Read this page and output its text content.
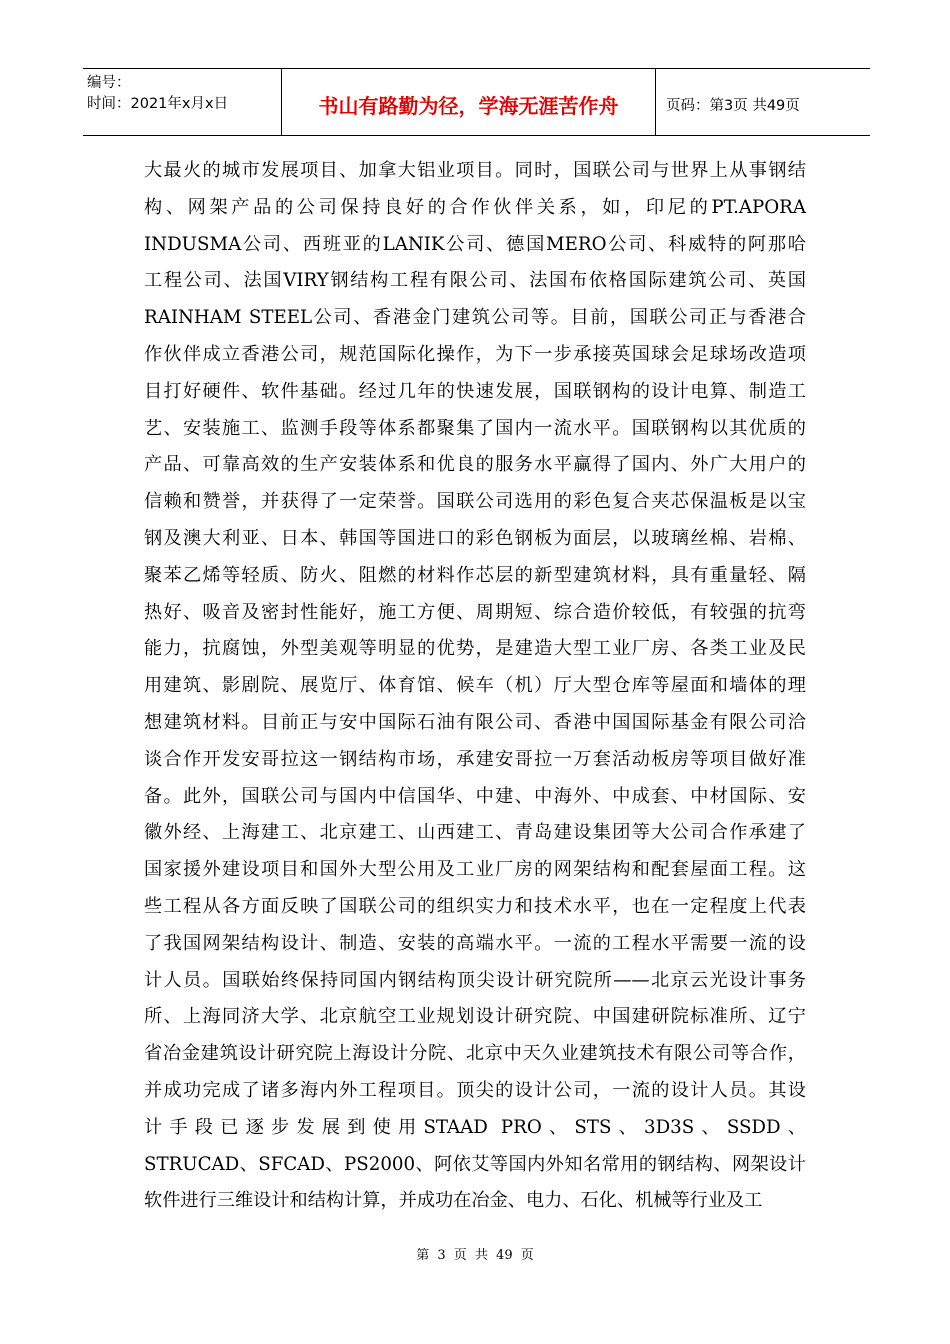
编号：
时间：2021年x月x日	书山有路勤为径，学海无涯苦作舟	页码：第3页 共49页
大最火的城市发展项目、加拿大铝业项目。同时，国联公司与世界上从事钢结
构、网架产品的公司保持良好的合作伙伴关系，如，印尼的PT.APORA
INDUSMA公司、西班亚的LANIK公司、德国MERO公司、科威特的阿那哈
工程公司、法国VIRY钢结构工程有限公司、法国布依格国际建筑公司、英国
RAINHAM STEEL公司、香港金门建筑公司等。目前，国联公司正与香港合
作伙伴成立香港公司，规范国际化操作，为下一步承接英国球会足球场改造项
目打好硬件、软件基础。经过几年的快速发展，国联钢构的设计电算、制造工
艺、安装施工、监测手段等体系都聚集了国内一流水平。国联钢构以其优质的
产品、可靠高效的生产安装体系和优良的服务水平赢得了国内、外广大用户的
信赖和赞誉，并获得了一定荣誉。国联公司选用的彩色复合夹芯保温板是以宝
钢及澳大利亚、日本、韩国等国进口的彩色钢板为面层，以玻璃丝棉、岩棉、
聚苯乙烯等轻质、防火、阻燃的材料作芯层的新型建筑材料，具有重量轻、隔
热好、吸音及密封性能好，施工方便、周期短、综合造价较低，有较强的抗弯
能力，抗腐蚀，外型美观等明显的优势，是建造大型工业厂房、各类工业及民
用建筑、影剧院、展览厅、体育馆、候车（机）厅大型仓库等屋面和墙体的理
想建筑材料。目前正与安中国际石油有限公司、香港中国国际基金有限公司洽
谈合作开发安哥拉这一钢结构市场，承建安哥拉一万套活动板房等项目做好准
备。此外，国联公司与国内中信国华、中建、中海外、中成套、中材国际、安
徽外经、上海建工、北京建工、山西建工、青岛建设集团等大公司合作承建了
国家援外建设项目和国外大型公用及工业厂房的网架结构和配套屋面工程。这
些工程从各方面反映了国联公司的组织实力和技术水平，也在一定程度上代表
了我国网架结构设计、制造、安装的高端水平。一流的工程水平需要一流的设
计人员。国联始终保持同国内钢结构顶尖设计研究院所——北京云光设计事务
所、上海同济大学、北京航空工业规划设计研究院、中国建研院标准所、辽宁
省冶金建筑设计研究院上海设计分院、北京中天久业建筑技术有限公司等合作，
并成功完成了诸多海内外工程项目。顶尖的设计公司，一流的设计人员。其设
计手段已逐步发展到使用STAAD PRO、STS、3D3S、SSDD、
STRUCAD、SFCAD、PS2000、阿依艾等国内外知名常用的钢结构、网架设计
软件进行三维设计和结构计算，并成功在冶金、电力、石化、机械等行业及工
第 3 页 共 49 页
